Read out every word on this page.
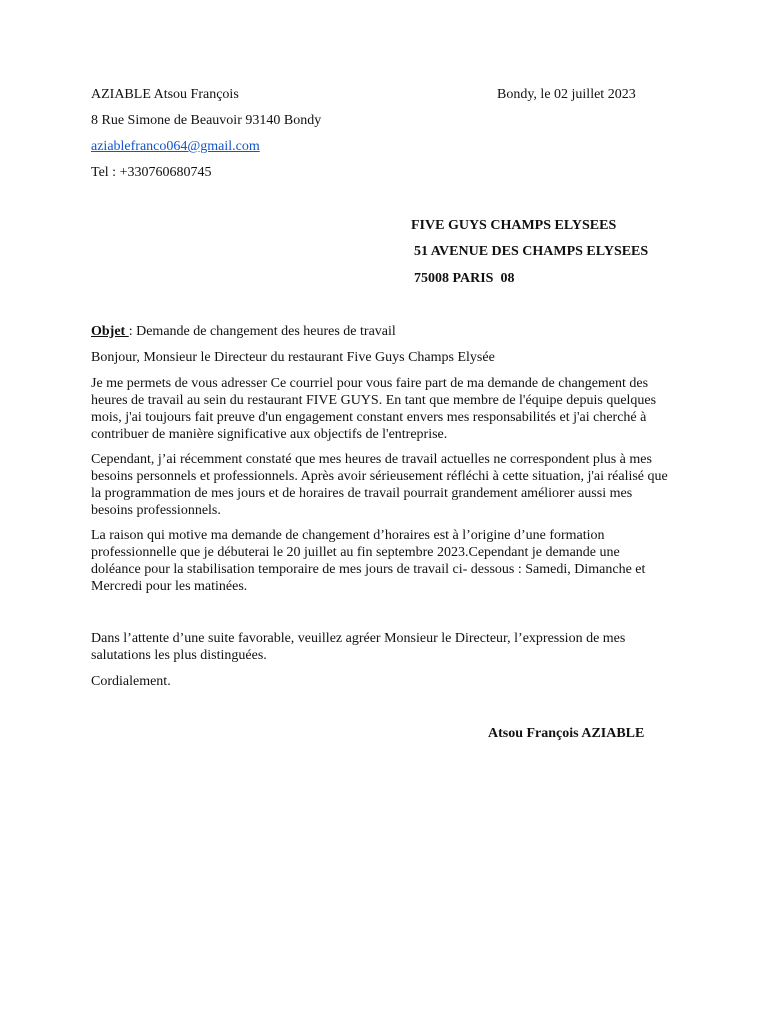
AZIABLE Atsou François	Bondy, le 02 juillet 2023
8 Rue Simone de Beauvoir 93140 Bondy
aziablefranco064@gmail.com
Tel : +330760680745
FIVE GUYS CHAMPS ELYSEES
51 AVENUE DES CHAMPS ELYSEES
75008 PARIS  08
Objet : Demande de changement des heures de travail
Bonjour, Monsieur le Directeur du restaurant Five Guys Champs Elysée
Je me permets de vous adresser Ce courriel pour vous faire part de ma demande de changement des heures de travail au sein du restaurant FIVE GUYS. En tant que membre de l'équipe depuis quelques mois, j'ai toujours fait preuve d'un engagement constant envers mes responsabilités et j'ai cherché à contribuer de manière significative aux objectifs de l'entreprise.
Cependant, j’ai récemment constaté que mes heures de travail actuelles ne correspondent plus à mes besoins personnels et professionnels. Après avoir sérieusement réfléchi à cette situation, j'ai réalisé que la programmation de mes jours et de horaires de travail pourrait grandement améliorer aussi mes besoins professionnels.
La raison qui motive ma demande de changement d’horaires est à l’origine d’une formation professionnelle que je débuterai le 20 juillet au fin septembre 2023.Cependant je demande une doléance pour la stabilisation temporaire de mes jours de travail ci- dessous : Samedi, Dimanche et Mercredi pour les matinées.
Dans l’attente d’une suite favorable, veuillez agréer Monsieur le Directeur, l’expression de mes salutations les plus distinguées.
Cordialement.
Atsou François AZIABLE
